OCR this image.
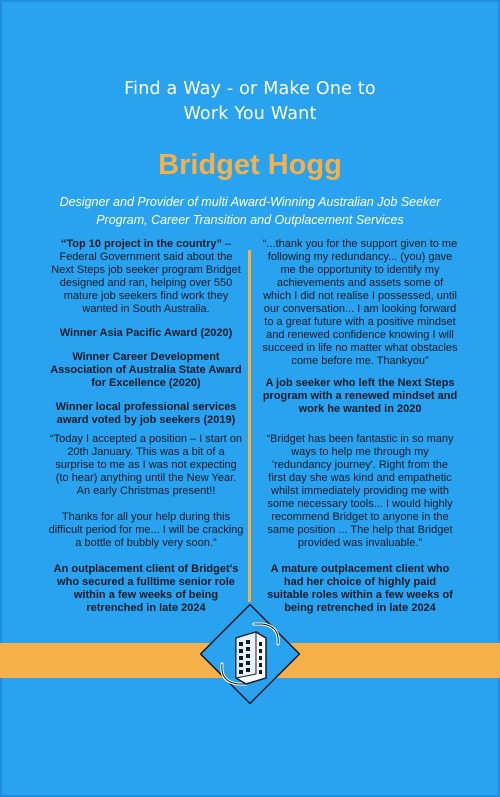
Find a Way - or Make One to
Work You Want
Bridget Hogg
Designer and Provider of multi Award-Winning Australian Job Seeker
Program, Career Transition and Outplacement Services

“Top 10 project in the country” – Federal Government said about the Next Steps job seeker program Bridget designed and ran, helping over 550 mature job seekers find work they wanted in South Australia.

Winner Asia Pacific Award (2020)

Winner Career Development Association of Australia State Award for Excellence (2020)

Winner local professional services award voted by job seekers (2019)

“...thank you for the support given to me following my redundancy... (you) gave me the opportunity to identify my achievements and assets some of which I did not realise I possessed, until our conversation... I am looking forward to a great future with a positive mindset and renewed confidence knowing I will succeed in life no matter what obstacles come before me. Thankyou”

A job seeker who left the Next Steps program with a renewed mindset and work he wanted in 2020

“Today I accepted a position – I start on 20th January. This was a bit of a surprise to me as I was not expecting (to hear) anything until the New Year. An early Christmas present!!

Thanks for all your help during this difficult period for me... I will be cracking a bottle of bubbly very soon.”

An outplacement client of Bridget's who secured a fulltime senior role within a few weeks of being retrenched in late 2024

“Bridget has been fantastic in so many ways to help me through my 'redundancy journey'. Right from the first day she was kind and empathetic whilst immediately providing me with some necessary tools... I would highly recommend Bridget to anyone in the same position ... The help that Bridget provided was invaluable.”

A mature outplacement client who had her choice of highly paid suitable roles within a few weeks of being retrenched in late 2024
